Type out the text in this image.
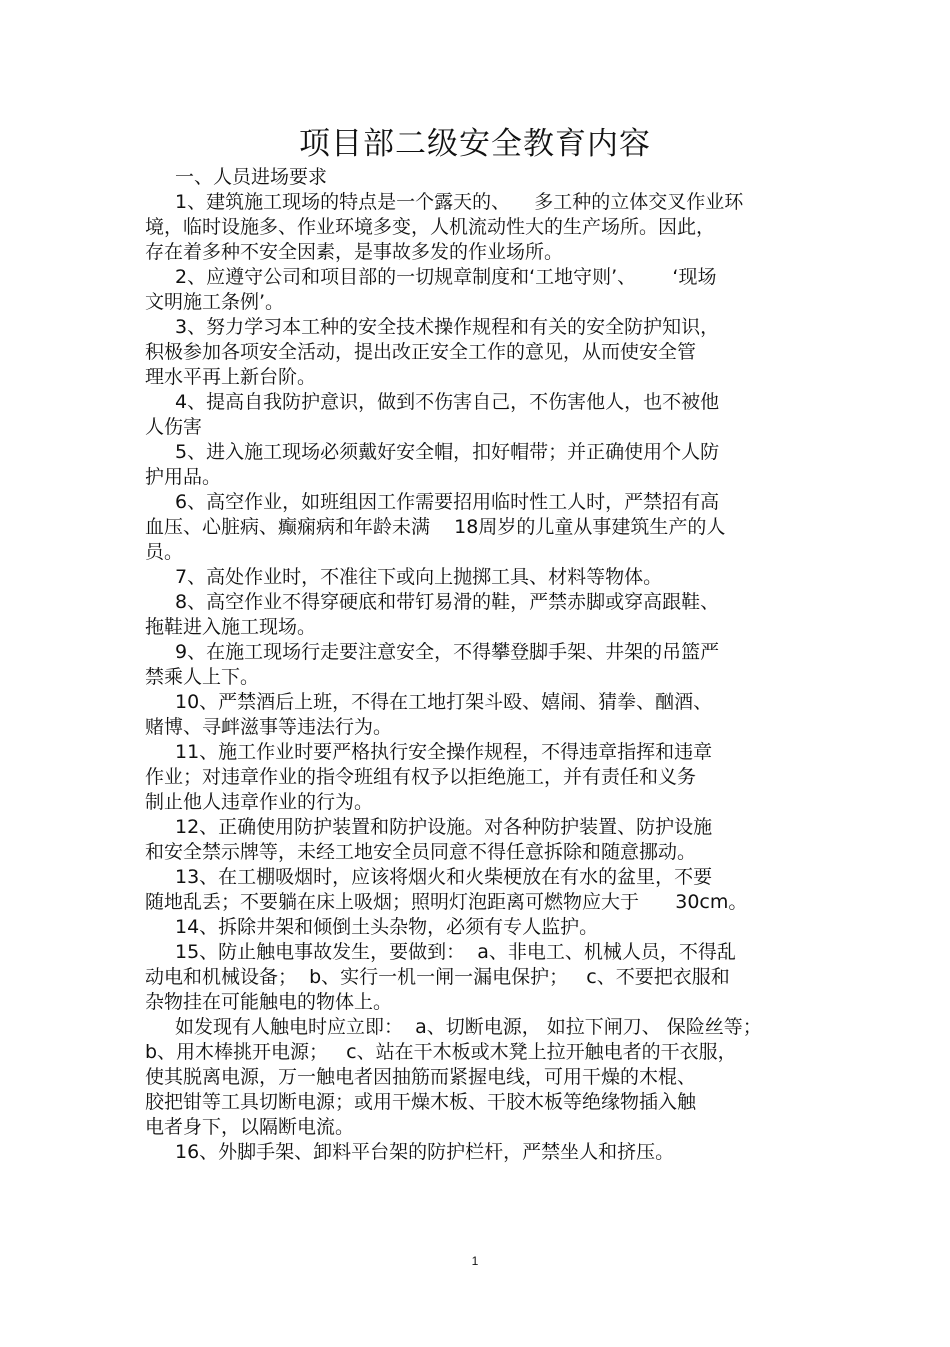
项目部二级安全教育内容
一、人员进场要求
1、建筑施工现场的特点是一个露天的、    多工种的立体交叉作业环
境，临时设施多、作业环境多变，人机流动性大的生产场所。因此，
存在着多种不安全因素，是事故多发的作业场所。
2、应遵守公司和项目部的一切规章制度和‘工地守则’、      ‘现场
文明施工条例’。
3、努力学习本工种的安全技术操作规程和有关的安全防护知识，
积极参加各项安全活动，提出改正安全工作的意见，从而使安全管
理水平再上新台阶。
4、提高自我防护意识，做到不伤害自己，不伤害他人，也不被他
人伤害
5、进入施工现场必须戴好安全帽，扣好帽带；并正确使用个人防
护用品。
6、高空作业，如班组因工作需要招用临时性工人时，严禁招有高
血压、心脏病、癫痫病和年龄未满    18周岁的儿童从事建筑生产的人
员。
7、高处作业时，不准往下或向上抛掷工具、材料等物体。
8、高空作业不得穿硬底和带钉易滑的鞋，严禁赤脚或穿高跟鞋、
拖鞋进入施工现场。
9、在施工现场行走要注意安全，不得攀登脚手架、井架的吊篮严
禁乘人上下。
10、严禁酒后上班，不得在工地打架斗殴、嬉闹、猜拳、酗酒、
赌博、寻衅滋事等违法行为。
11、施工作业时要严格执行安全操作规程，不得违章指挥和违章
作业；对违章作业的指令班组有权予以拒绝施工，并有责任和义务
制止他人违章作业的行为。
12、正确使用防护装置和防护设施。对各种防护装置、防护设施
和安全禁示牌等，未经工地安全员同意不得任意拆除和随意挪动。
13、在工棚吸烟时，应该将烟火和火柴梗放在有水的盆里，不要
随地乱丢；不要躺在床上吸烟；照明灯泡距离可燃物应大于      30cm。
14、拆除井架和倾倒土头杂物，必须有专人监护。
15、防止触电事故发生，要做到：  a、非电工、机械人员，不得乱
动电和机械设备；  b、实行一机一闸一漏电保护；   c、不要把衣服和
杂物挂在可能触电的物体上。
如发现有人触电时应立即：  a、切断电源， 如拉下闸刀、 保险丝等；
b、用木棒挑开电源；   c、站在干木板或木凳上拉开触电者的干衣服，
使其脱离电源，万一触电者因抽筋而紧握电线，可用干燥的木棍、
胶把钳等工具切断电源；或用干燥木板、干胶木板等绝缘物插入触
电者身下，以隔断电流。
16、外脚手架、卸料平台架的防护栏杆，严禁坐人和挤压。
1
